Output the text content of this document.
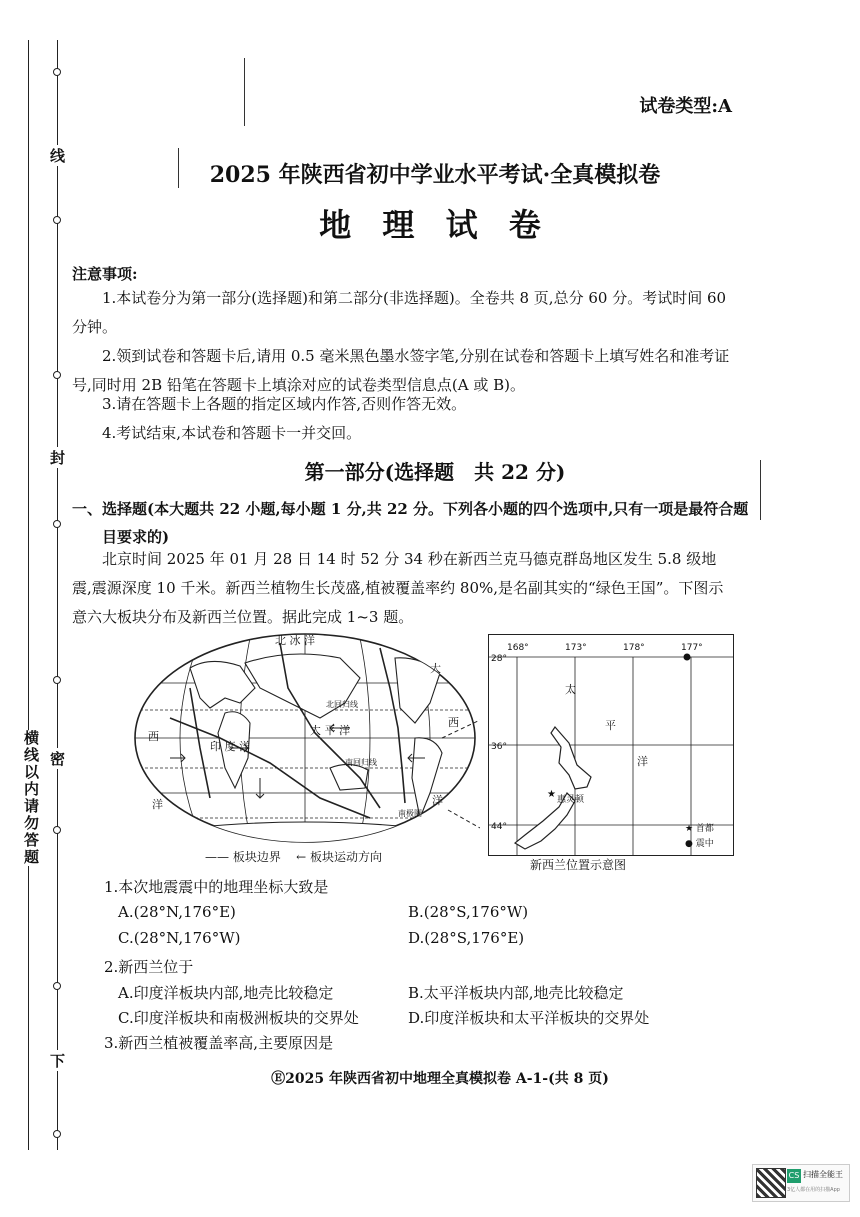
线
封
密
下
横线以内请勿答题
试卷类型:A
2025 年陕西省初中学业水平考试·全真模拟卷
地 理 试 卷
注意事项:
1.本试卷分为第一部分(选择题)和第二部分(非选择题)。全卷共 8 页,总分 60 分。考试时间 60 分钟。
2.领到试卷和答题卡后,请用 0.5 毫米黑色墨水签字笔,分别在试卷和答题卡上填写姓名和准考证号,同时用 2B 铅笔在答题卡上填涂对应的试卷类型信息点(A 或 B)。
3.请在答题卡上各题的指定区域内作答,否则作答无效。
4.考试结束,本试卷和答题卡一并交回。
第一部分(选择题　共 22 分)
一、选择题(本大题共 22 小题,每小题 1 分,共 22 分。下列各小题的四个选项中,只有一项是最符合题目要求的)
北京时间 2025 年 01 月 28 日 14 时 52 分 34 秒在新西兰克马德克群岛地区发生 5.8 级地震,震源深度 10 千米。新西兰植物生长茂盛,植被覆盖率约 80%,是名副其实的“绿色王国”。下图示意六大板块分布及新西兰位置。据此完成 1~3 题。
北 冰 洋
太 平 洋
印 度 洋
北回归线
南回归线
南极圈
西
洋
西
洋
大
—— 板块边界 ← 板块运动方向
168°	173°	178°	177°
28°
36°
44°
太
平
洋
惠灵顿
★ 首都
● 震中
★
新西兰位置示意图
1.本次地震震中的地理坐标大致是
A.(28°N,176°E)	B.(28°S,176°W)
C.(28°N,176°W)	D.(28°S,176°E)
2.新西兰位于
A.印度洋板块内部,地壳比较稳定	B.太平洋板块内部,地壳比较稳定
C.印度洋板块和南极洲板块的交界处	D.印度洋板块和太平洋板块的交界处
3.新西兰植被覆盖率高,主要原因是
Ⓔ2025 年陕西省初中地理全真模拟卷 A-1-(共 8 页)
CS 扫描全能王
3亿人都在用的扫描App
